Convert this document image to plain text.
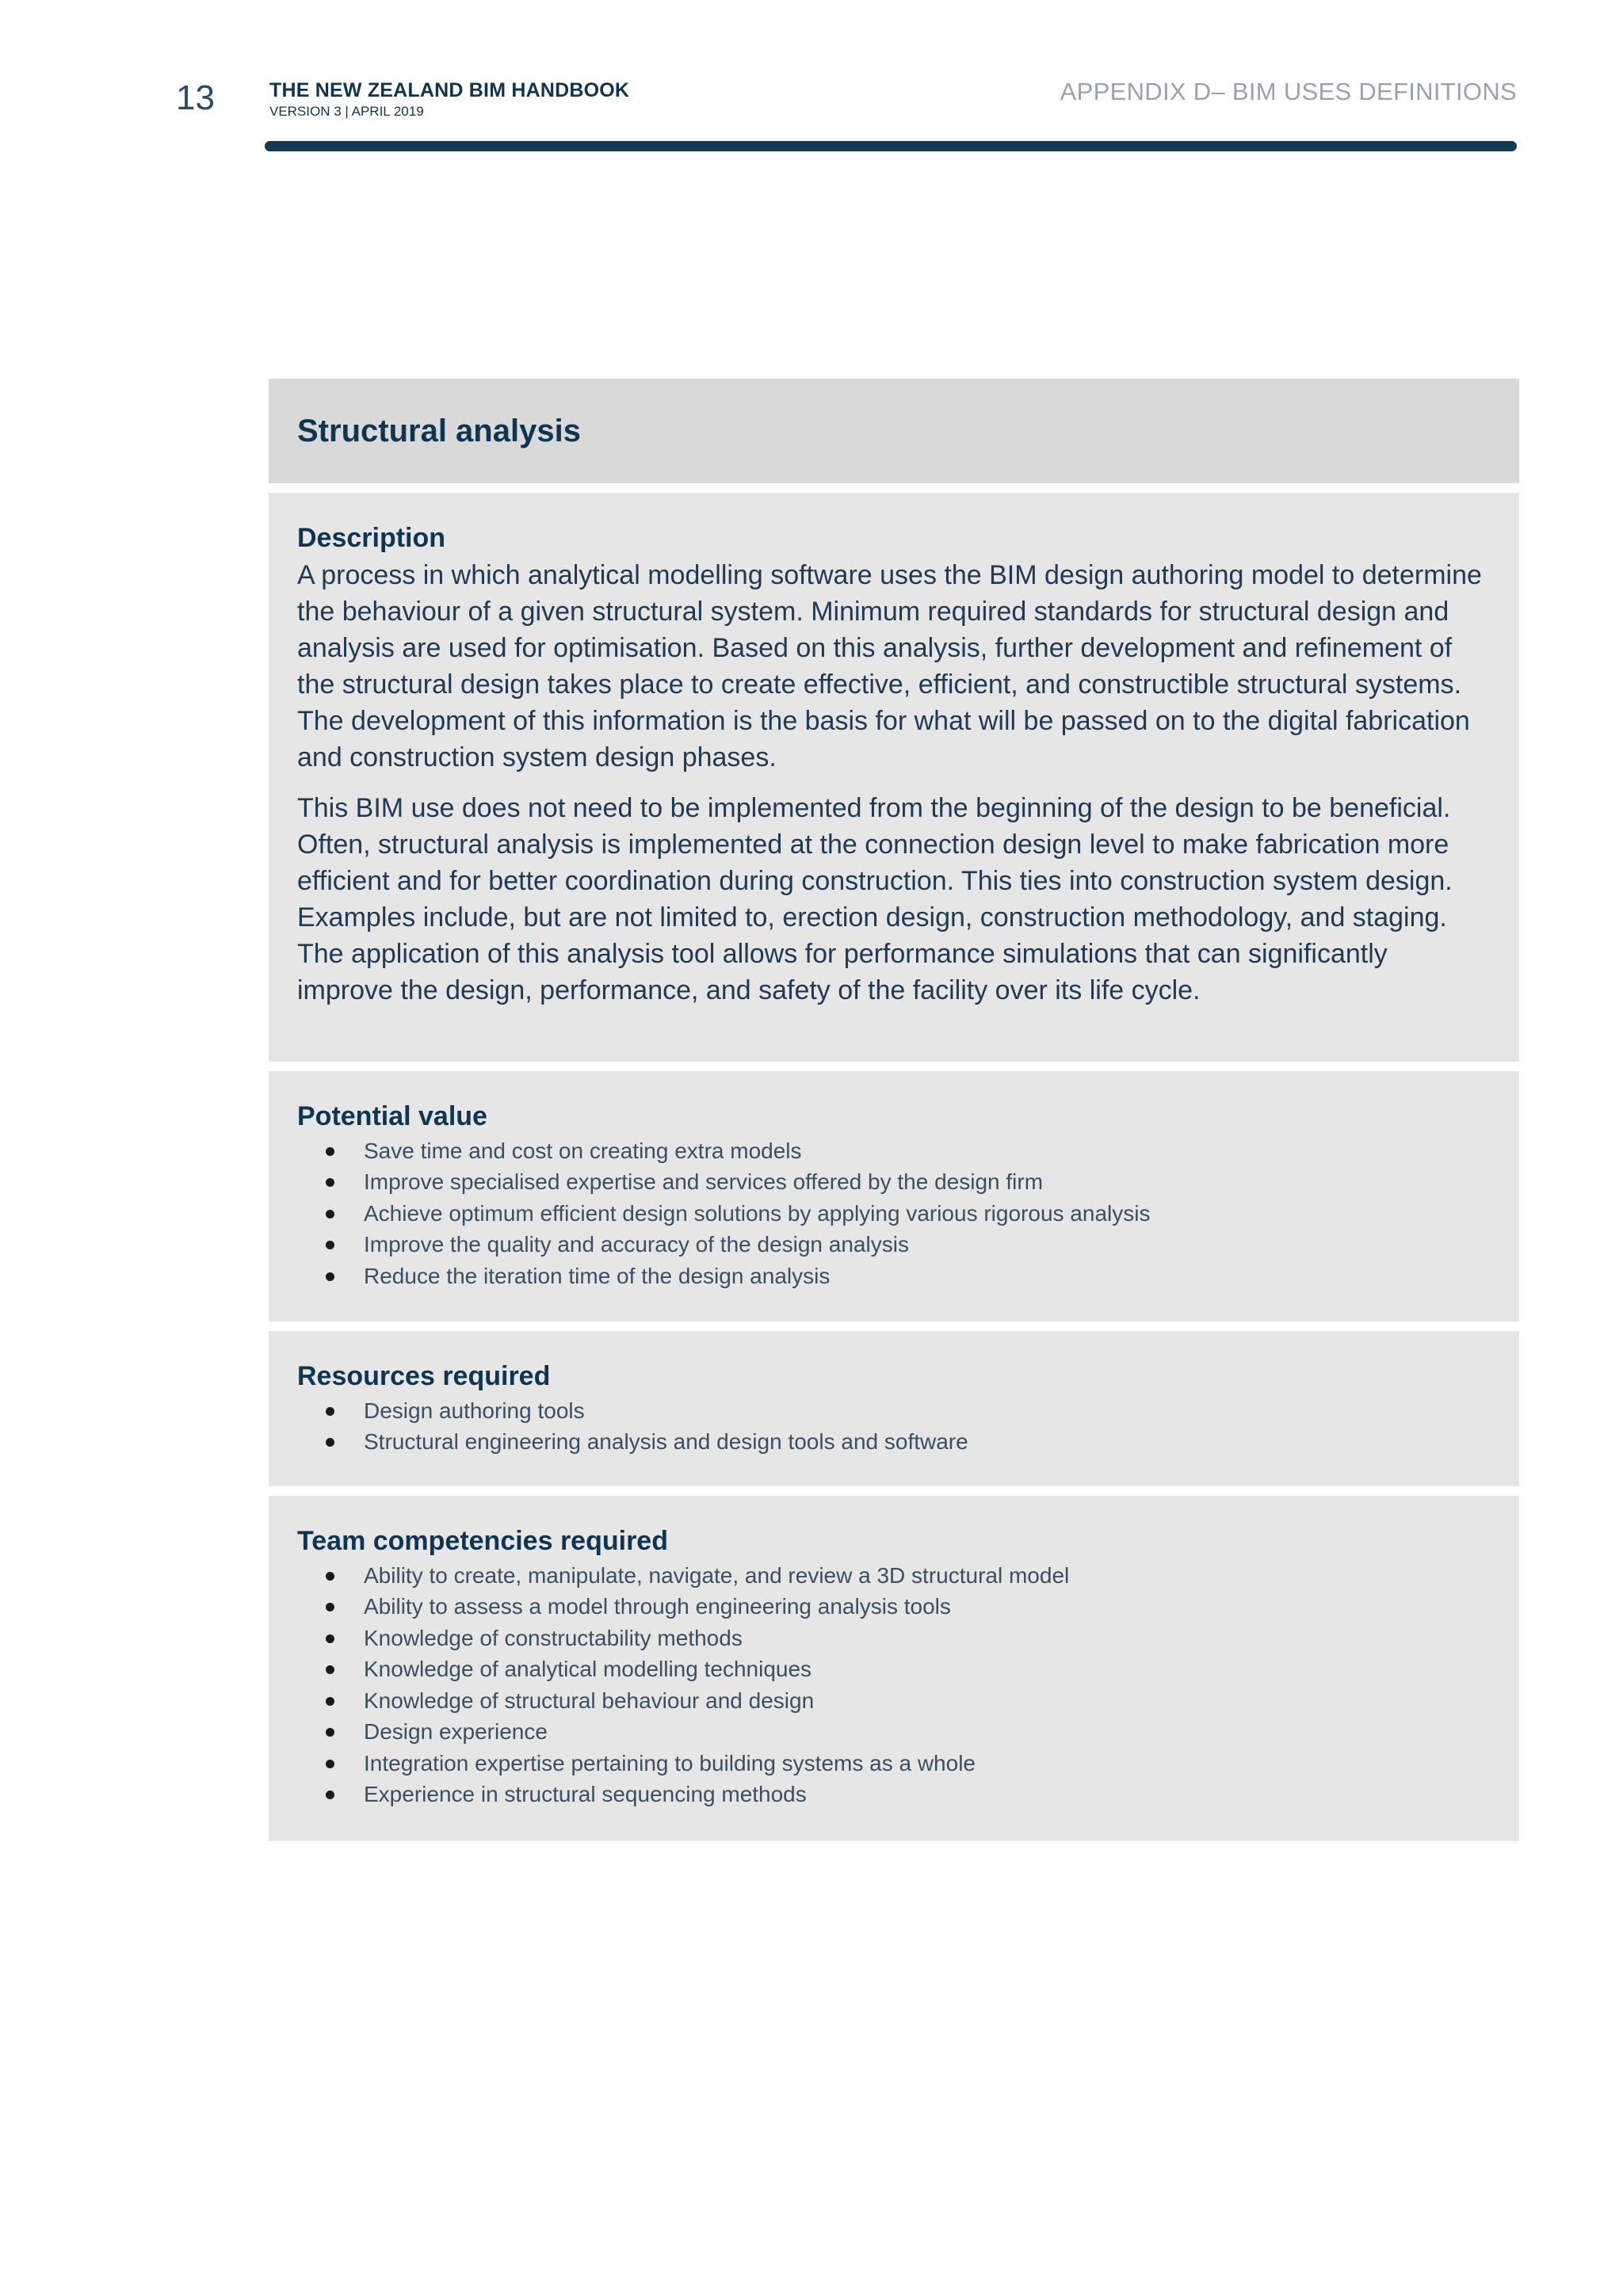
13	THE NEW ZEALAND BIM HANDBOOK
VERSION 3 | APRIL 2019
APPENDIX D– BIM USES DEFINITIONS
Structural analysis
Description

A process in which analytical modelling software uses the BIM design authoring model to determine the behaviour of a given structural system. Minimum required standards for structural design and analysis are used for optimisation. Based on this analysis, further development and refinement of the structural design takes place to create effective, efficient, and constructible structural systems. The development of this information is the basis for what will be passed on to the digital fabrication and construction system design phases.

This BIM use does not need to be implemented from the beginning of the design to be beneficial. Often, structural analysis is implemented at the connection design level to make fabrication more efficient and for better coordination during construction. This ties into construction system design. Examples include, but are not limited to, erection design, construction methodology, and staging. The application of this analysis tool allows for performance simulations that can significantly improve the design, performance, and safety of the facility over its life cycle.

Potential value
Save time and cost on creating extra models
Improve specialised expertise and services offered by the design firm
Achieve optimum efficient design solutions by applying various rigorous analysis
Improve the quality and accuracy of the design analysis
Reduce the iteration time of the design analysis
Resources required
Design authoring tools
Structural engineering analysis and design tools and software
Team competencies required
Ability to create, manipulate, navigate, and review a 3D structural model
Ability to assess a model through engineering analysis tools
Knowledge of constructability methods
Knowledge of analytical modelling techniques
Knowledge of structural behaviour and design
Design experience
Integration expertise pertaining to building systems as a whole
Experience in structural sequencing methods
